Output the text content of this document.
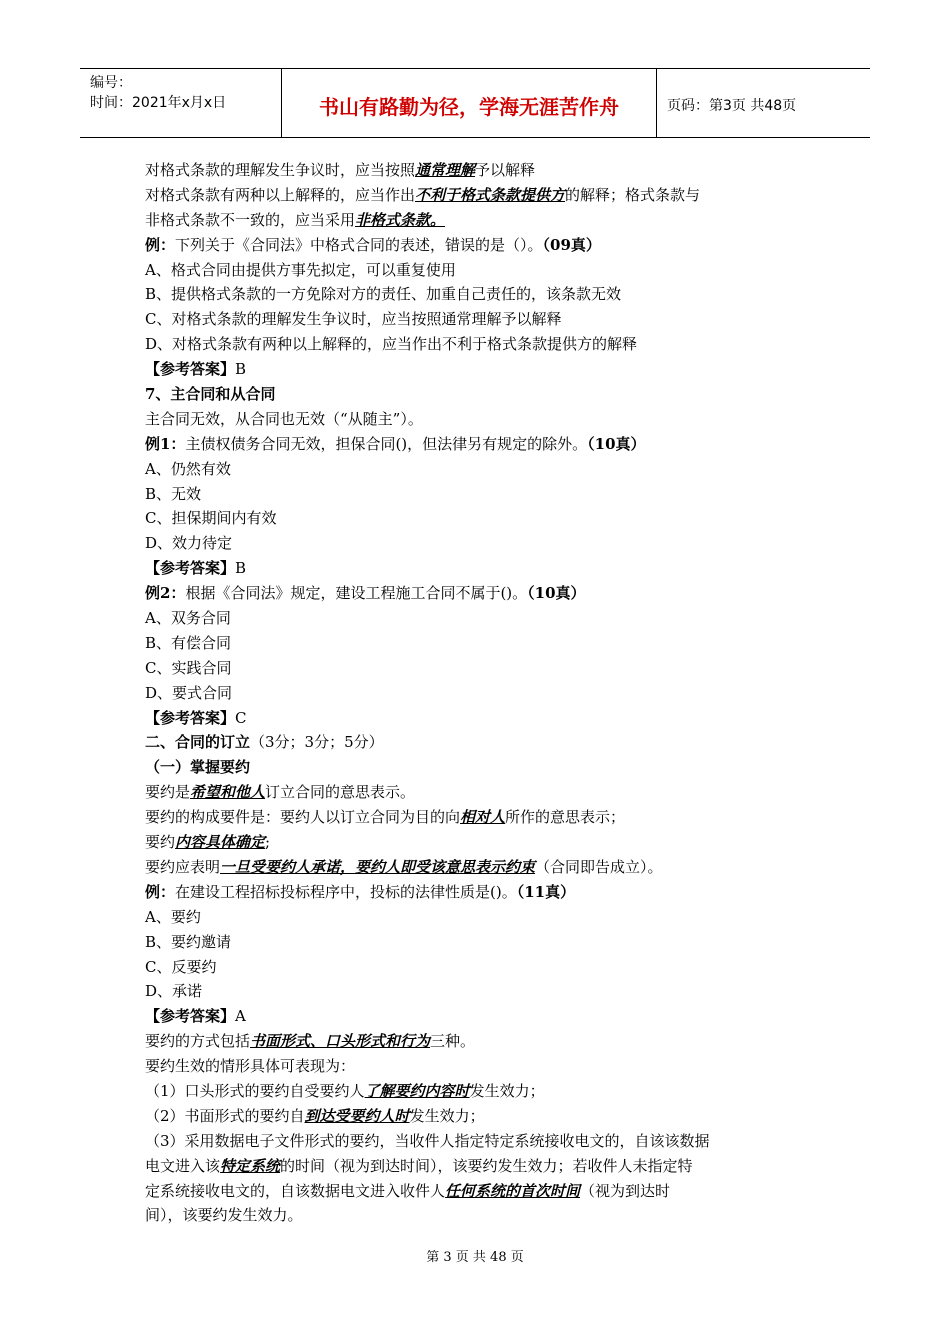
编号：
时间：2021年x月x日	书山有路勤为径，学海无涯苦作舟	页码：第3页 共48页
对格式条款的理解发生争议时，应当按照通常理解予以解释
对格式条款有两种以上解释的，应当作出不利于格式条款提供方的解释；格式条款与
非格式条款不一致的，应当采用非格式条款。
例：下列关于《合同法》中格式合同的表述，错误的是（）。（09真）
A、格式合同由提供方事先拟定，可以重复使用
B、提供格式条款的一方免除对方的责任、加重自己责任的，该条款无效
C、对格式条款的理解发生争议时，应当按照通常理解予以解释
D、对格式条款有两种以上解释的，应当作出不利于格式条款提供方的解释
【参考答案】B
7、主合同和从合同
主合同无效，从合同也无效（“从随主”）。
例1：主债权债务合同无效，担保合同()，但法律另有规定的除外。（10真）
A、仍然有效
B、无效
C、担保期间内有效
D、效力待定
【参考答案】B
例2：根据《合同法》规定，建设工程施工合同不属于()。（10真）
A、双务合同
B、有偿合同
C、实践合同
D、要式合同
【参考答案】C
二、合同的订立（3分；3分；5分）
（一）掌握要约
要约是希望和他人订立合同的意思表示。
要约的构成要件是：要约人以订立合同为目的向相对人所作的意思表示；
要约内容具体确定;
要约应表明一旦受要约人承诺，要约人即受该意思表示约束（合同即告成立）。
例：在建设工程招标投标程序中，投标的法律性质是()。（11真）
A、要约
B、要约邀请
C、反要约
D、承诺
【参考答案】A
要约的方式包括书面形式、口头形式和行为三种。
要约生效的情形具体可表现为：
（1）口头形式的要约自受要约人了解要约内容时发生效力；
（2）书面形式的要约自到达受要约人时发生效力；
（3）采用数据电子文件形式的要约，当收件人指定特定系统接收电文的，自该该数据
电文进入该特定系统的时间（视为到达时间），该要约发生效力；若收件人未指定特
定系统接收电文的，自该数据电文进入收件人任何系统的首次时间（视为到达时
间），该要约发生效力。
第 3 页 共 48 页
